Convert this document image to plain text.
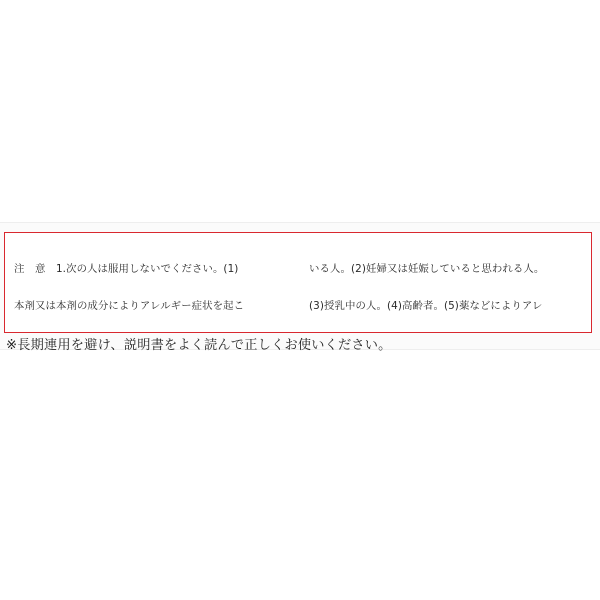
注　意　1.次の人は服用しないでください。(1)

本剤又は本剤の成分によりアレルギー症状を起こ

いる人。(2)妊婦又は妊娠していると思われる人。

(3)授乳中の人。(4)高齢者。(5)薬などによりアレ

※長期連用を避け、説明書をよく読んで正しくお使いください。
